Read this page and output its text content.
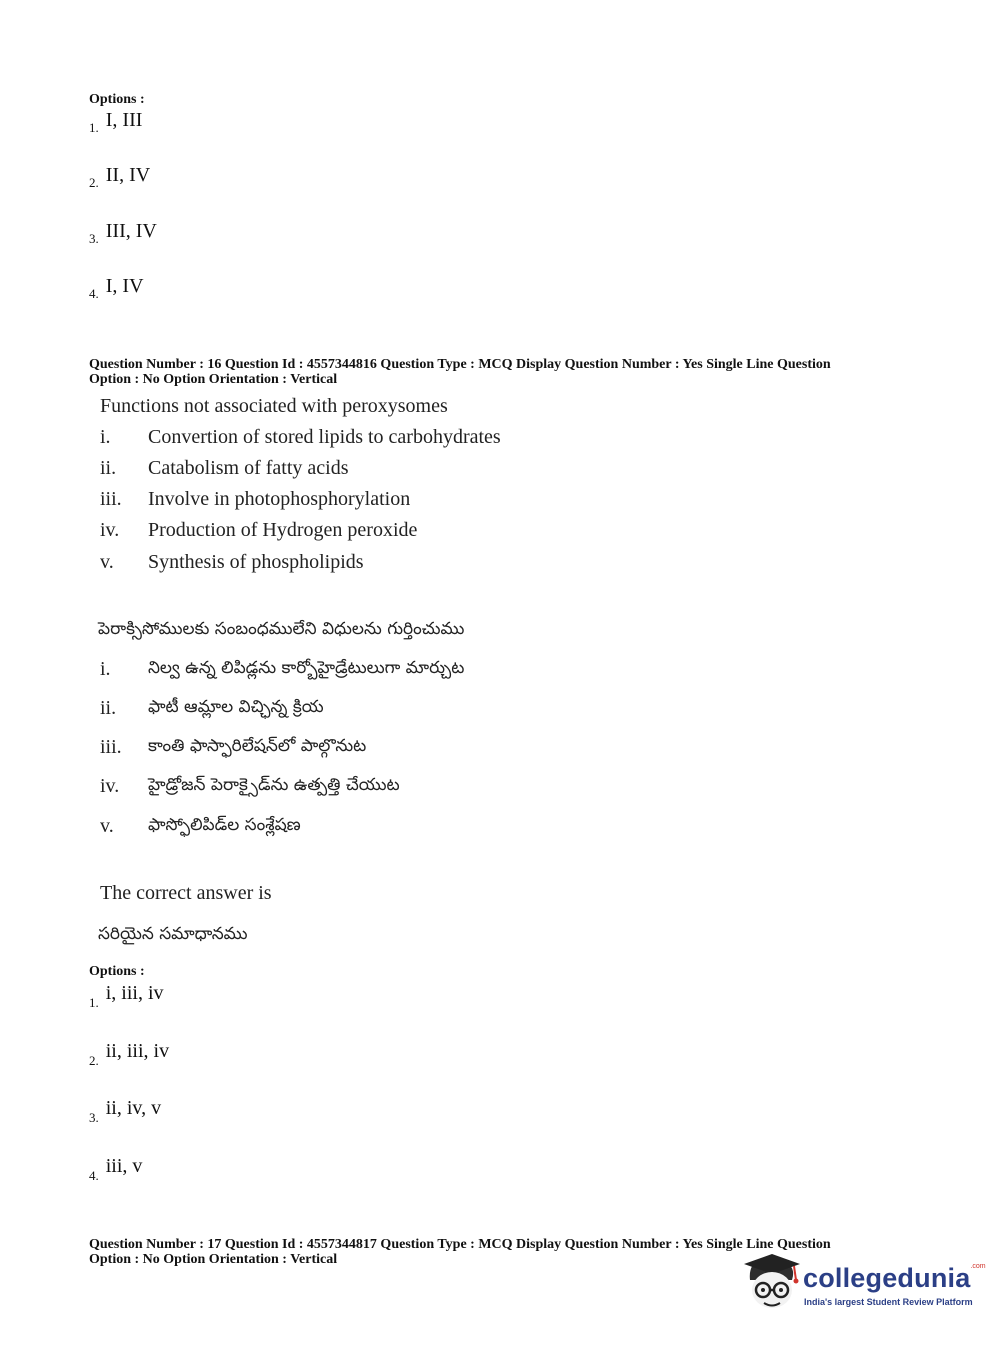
Options :
1. I, III
2. II, IV
3. III, IV
4. I, IV
Question Number : 16 Question Id : 4557344816 Question Type : MCQ Display Question Number : Yes Single Line Question
Option : No Option Orientation : Vertical
Functions not associated with peroxysomes
i. Convertion of stored lipids to carbohydrates
ii. Catabolism of fatty acids
iii. Involve in photophosphorylation
iv. Production of Hydrogen peroxide
v. Synthesis of phospholipids
పెరాక్సిసోములకు సంబంధములేని విధులను గుర్తించుము
i. నిల్వ ఉన్న లిపిడ్లను కార్బోహైడ్రేటులుగా మార్చుట
ii. ఫాటీ ఆమ్లాల విచ్ఛిన్న క్రియ
iii. కాంతి ఫాస్ఫారిలేషన్‌లో పాల్గొనుట
iv. హైడ్రోజన్ పెరాక్సైడ్‌ను ఉత్పత్తి చేయుట
v. ఫాస్ఫోలిపిడ్‌ల సంశ్లేషణ
The correct answer is
సరియైన సమాధానము
Options :
1. i, iii, iv
2. ii, iii, iv
3. ii, iv, v
4. iii, v
Question Number : 17 Question Id : 4557344817 Question Type : MCQ Display Question Number : Yes Single Line Question
Option : No Option Orientation : Vertical
collegedunia$^{.com}$
India's largest Student Review Platform
